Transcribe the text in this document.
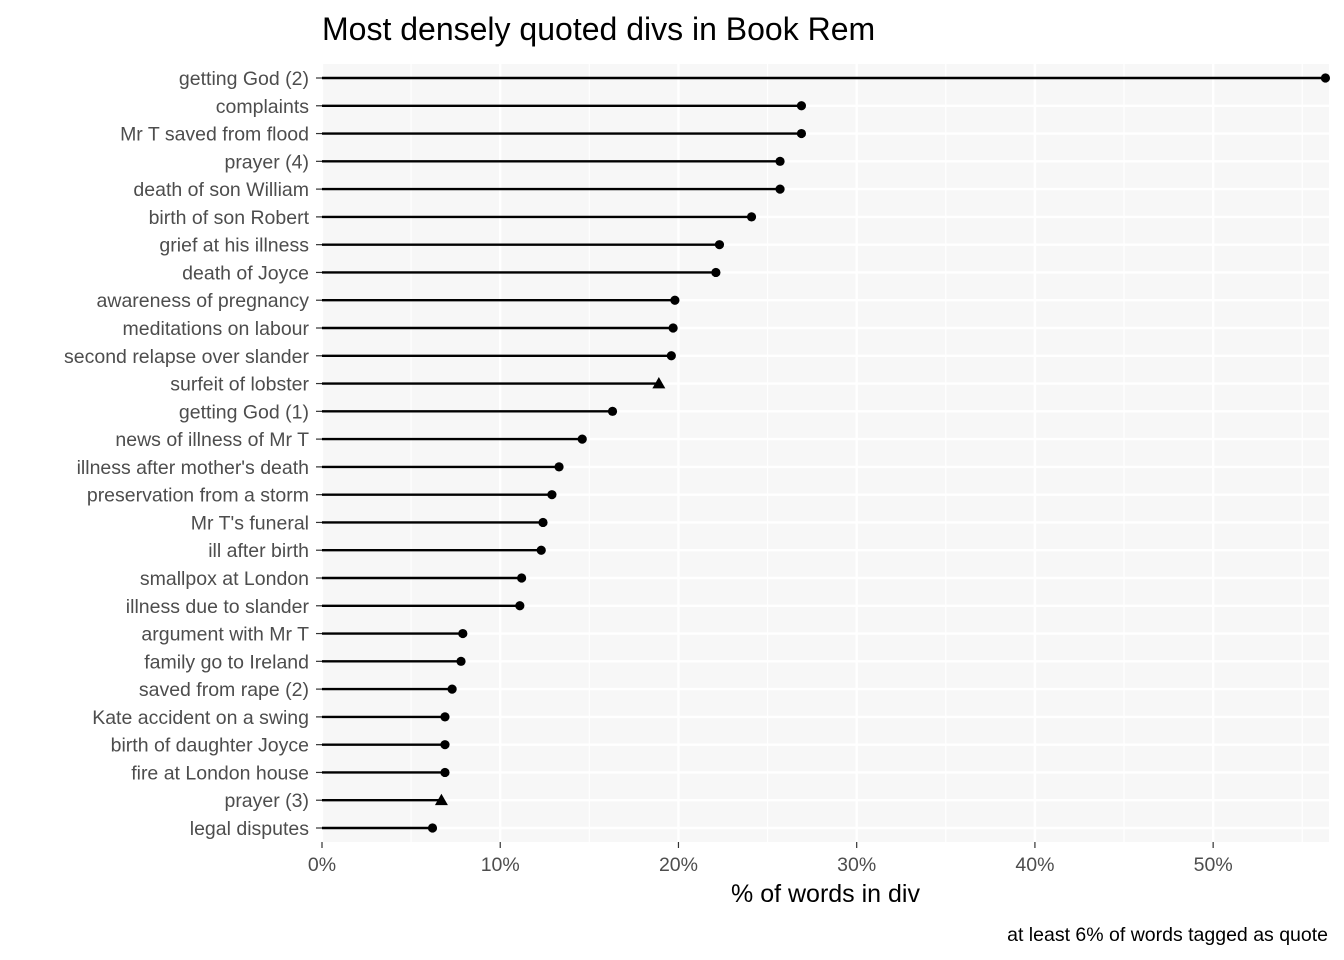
Most densely quoted divs in Book Rem
getting God (2)
complaints
Mr T saved from flood
prayer (4)
death of son William
birth of son Robert
grief at his illness
death of Joyce
awareness of pregnancy
meditations on labour
second relapse over slander
surfeit of lobster
getting God (1)
news of illness of Mr T
illness after mother's death
preservation from a storm
Mr T's funeral
ill after birth
smallpox at London
illness due to slander
argument with Mr T
family go to Ireland
saved from rape (2)
Kate accident on a swing
birth of daughter Joyce
fire at London house
prayer (3)
legal disputes
0%	10%	20%	30%	40%	50%
% of words in div
at least 6% of words tagged as quote
